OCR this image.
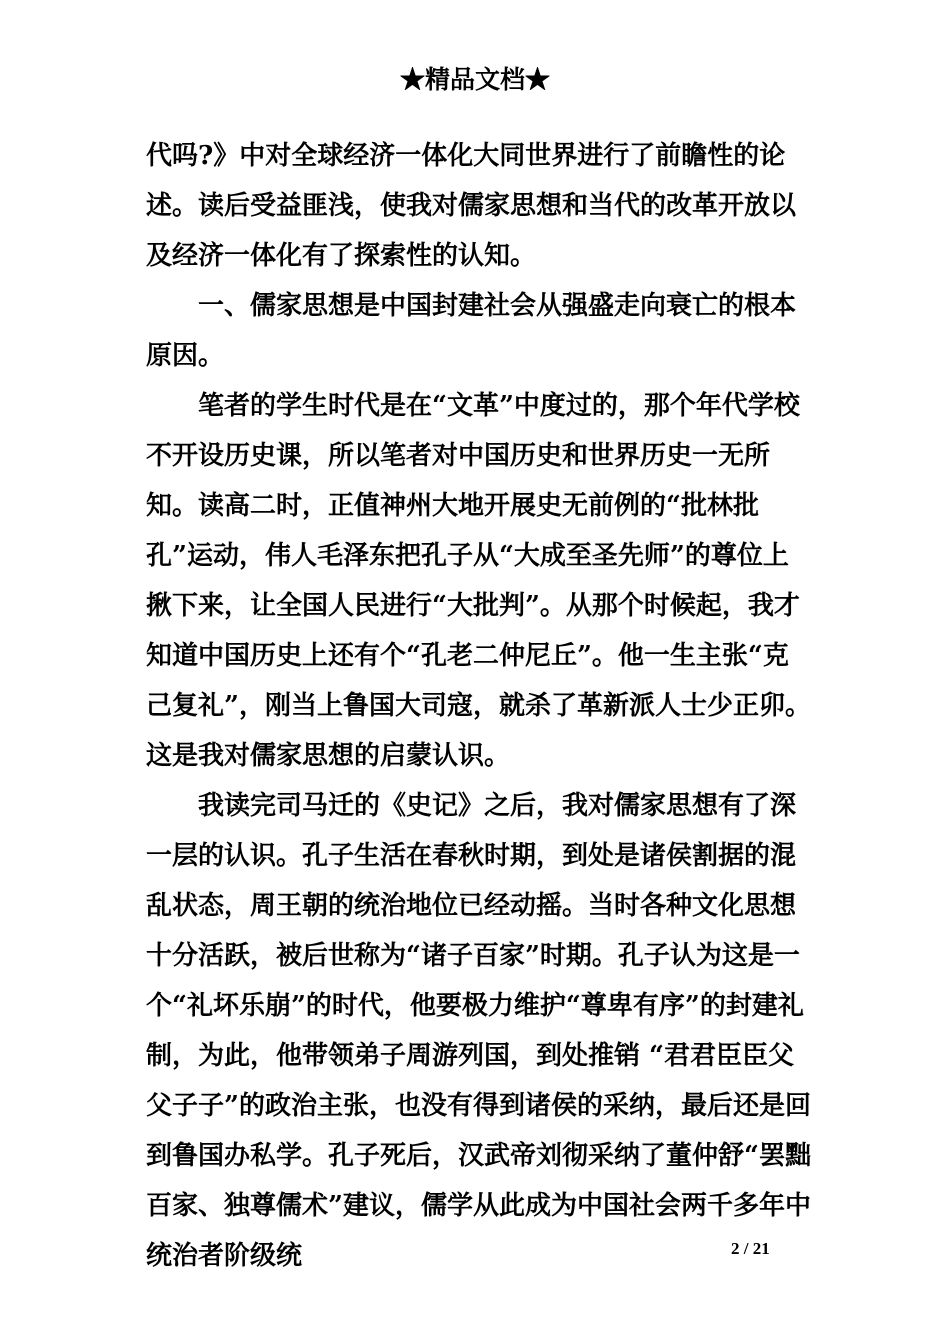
★精品文档★

代吗?》中对全球经济一体化大同世界进行了前瞻性的论述。读后受益匪浅，使我对儒家思想和当代的改革开放以及经济一体化有了探索性的认知。

一、儒家思想是中国封建社会从强盛走向衰亡的根本原因。

笔者的学生时代是在“文革”中度过的，那个年代学校不开设历史课，所以笔者对中国历史和世界历史一无所知。读高二时，正值神州大地开展史无前例的“批林批孔”运动，伟人毛泽东把孔子从“大成至圣先师”的尊位上揪下来，让全国人民进行“大批判”。从那个时候起，我才知道中国历史上还有个“孔老二仲尼丘”。他一生主张“克己复礼”，刚当上鲁国大司寇，就杀了革新派人士少正卯。这是我对儒家思想的启蒙认识。

我读完司马迁的《史记》之后，我对儒家思想有了深一层的认识。孔子生活在春秋时期，到处是诸侯割据的混乱状态，周王朝的统治地位已经动摇。当时各种文化思想十分活跃，被后世称为“诸子百家”时期。孔子认为这是一个“礼坏乐崩”的时代，他要极力维护“尊卑有序”的封建礼制，为此，他带领弟子周游列国，到处推销 “君君臣臣父父子子”的政治主张，也没有得到诸侯的采纳，最后还是回到鲁国办私学。孔子死后，汉武帝刘彻采纳了董仲舒“罢黜百家、独尊儒术”建议，儒学从此成为中国社会两千多年中统治者阶级统	2 / 21
